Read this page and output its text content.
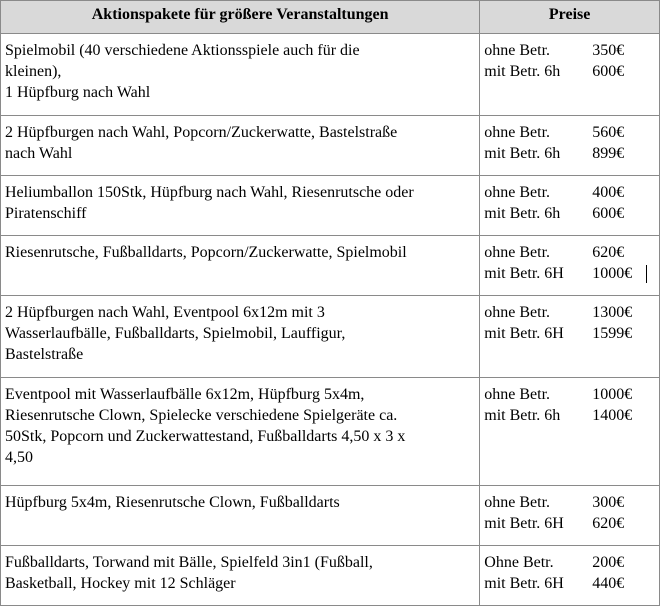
Aktionspakete für größere Veranstaltungen	Preise

Spielmobil (40 verschiedene Aktionsspiele auch für die
kleinen),
1 Hüpfburg nach Wahl	ohne Betr. 350€
mit Betr. 6h 600€

2 Hüpfburgen nach Wahl, Popcorn/Zuckerwatte, Bastelstraße
nach Wahl	ohne Betr. 560€
mit Betr. 6h 899€

Heliumballon 150Stk, Hüpfburg nach Wahl, Riesenrutsche oder
Piratenschiff	ohne Betr. 400€
mit Betr. 6h 600€

Riesenrutsche, Fußballdarts, Popcorn/Zuckerwatte, Spielmobil	ohne Betr. 620€
mit Betr. 6H 1000€

2 Hüpfburgen nach Wahl, Eventpool 6x12m mit 3
Wasserlaufbälle, Fußballdarts, Spielmobil, Lauffigur,
Bastelstraße	ohne Betr. 1300€
mit Betr. 6H 1599€

Eventpool mit Wasserlaufbälle 6x12m, Hüpfburg 5x4m,
Riesenrutsche Clown, Spielecke verschiedene Spielgeräte ca.
50Stk, Popcorn und Zuckerwattestand, Fußballdarts 4,50 x 3 x
4,50	ohne Betr. 1000€
mit Betr. 6h 1400€

Hüpfburg 5x4m, Riesenrutsche Clown, Fußballdarts	ohne Betr. 300€
mit Betr. 6H 620€

Fußballdarts, Torwand mit Bälle, Spielfeld 3in1 (Fußball,
Basketball, Hockey mit 12 Schläger	Ohne Betr. 200€
mit Betr. 6H 440€
